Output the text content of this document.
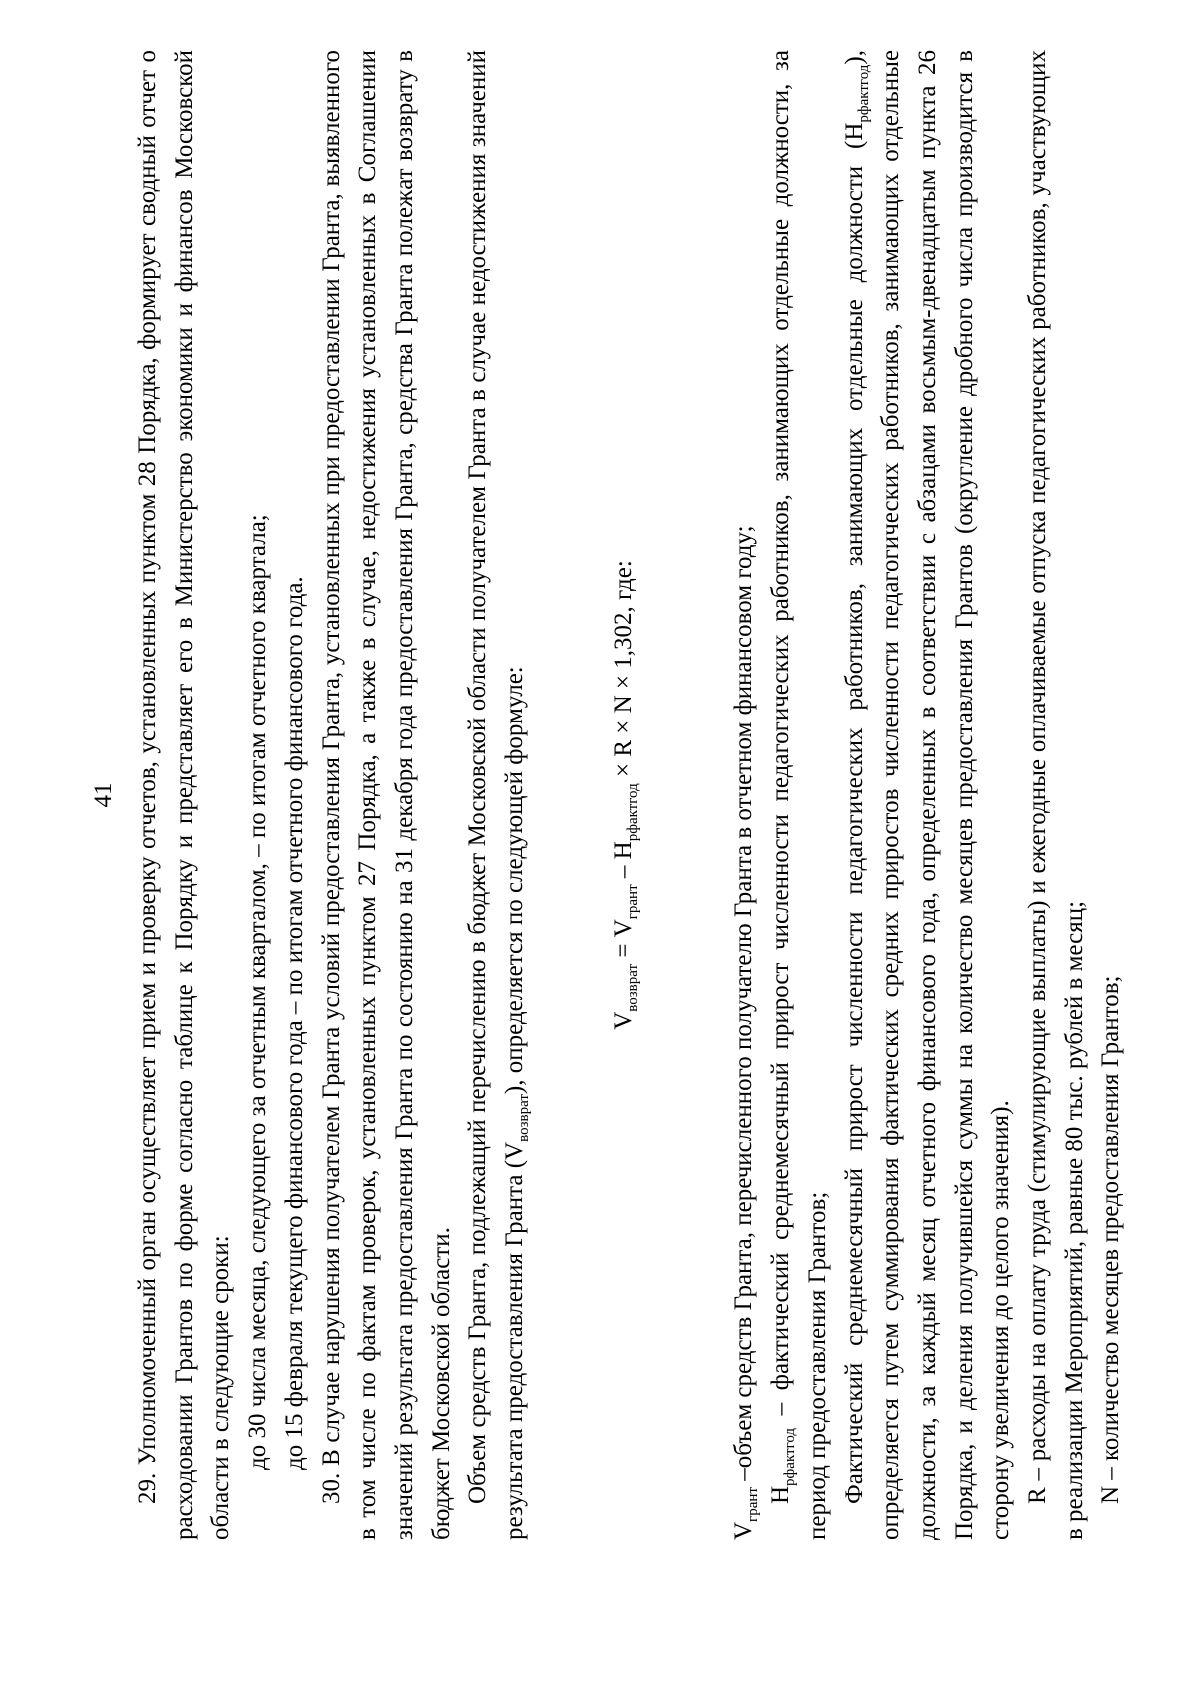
41 29. Уполномоченный орган осуществляет прием и проверку отчетов, установленных пунктом 28 Порядка, формирует сводный отчет о расходовании Грантов по форме согласно таблице к Порядку и представляет его в Министерство экономики и финансов Московской области в следующие сроки: до 30 числа месяца, следующего за отчетным кварталом, – по итогам отчетного квартала; до 15 февраля текущего финансового года – по итогам отчетного финансового года. 30. В случае нарушения получателем Гранта условий предоставления Гранта, установленных при предоставлении Гранта, выявленного в том числе по фактам проверок, установленных пунктом 27 Порядка, а также в случае, недостижения установленных в Соглашении значений результата предоставления Гранта по состоянию на 31 декабря года предоставления Гранта, средства Гранта полежат возврату в бюджет Московской области. Объем средств Гранта, подлежащий перечислению в бюджет Московской области получателем Гранта в случае недостижения значений результата предоставления Гранта $(V_{возврат})$, определяется по следующей формуле:	$V_{возврат} = V_{грант} - H_{рфактгод} \times R \times N \times 1,302$, где:

$V_{грант}$ –объем средств Гранта, перечисленного получателю Гранта в отчетном финансовом году;

$H_{рфактгод}$ – фактический среднемесячный прирост численности педагогических работников, занимающих отдельные должности, за период предоставления Грантов; Фактический среднемесячный прирост численности педагогических работников, занимающих отдельные должности $(Н_{рфактгод})$, определяется путем суммирования фактических средних приростов численности педагогических работников, занимающих отдельные должности, за каждый месяц отчетного финансового года, определенных в соответствии с абзацами восьмым-двенадцатым пункта 26 Порядка, и деления получившейся суммы на количество месяцев предоставления Грантов (округление дробного числа производится в сторону увеличения до целого значения). R – расходы на оплату труда (стимулирующие выплаты) и ежегодные оплачиваемые отпуска педагогических работников, участвующих в реализации Мероприятий, равные 80 тыс. рублей в месяц; N – количество месяцев предоставления Грантов;
